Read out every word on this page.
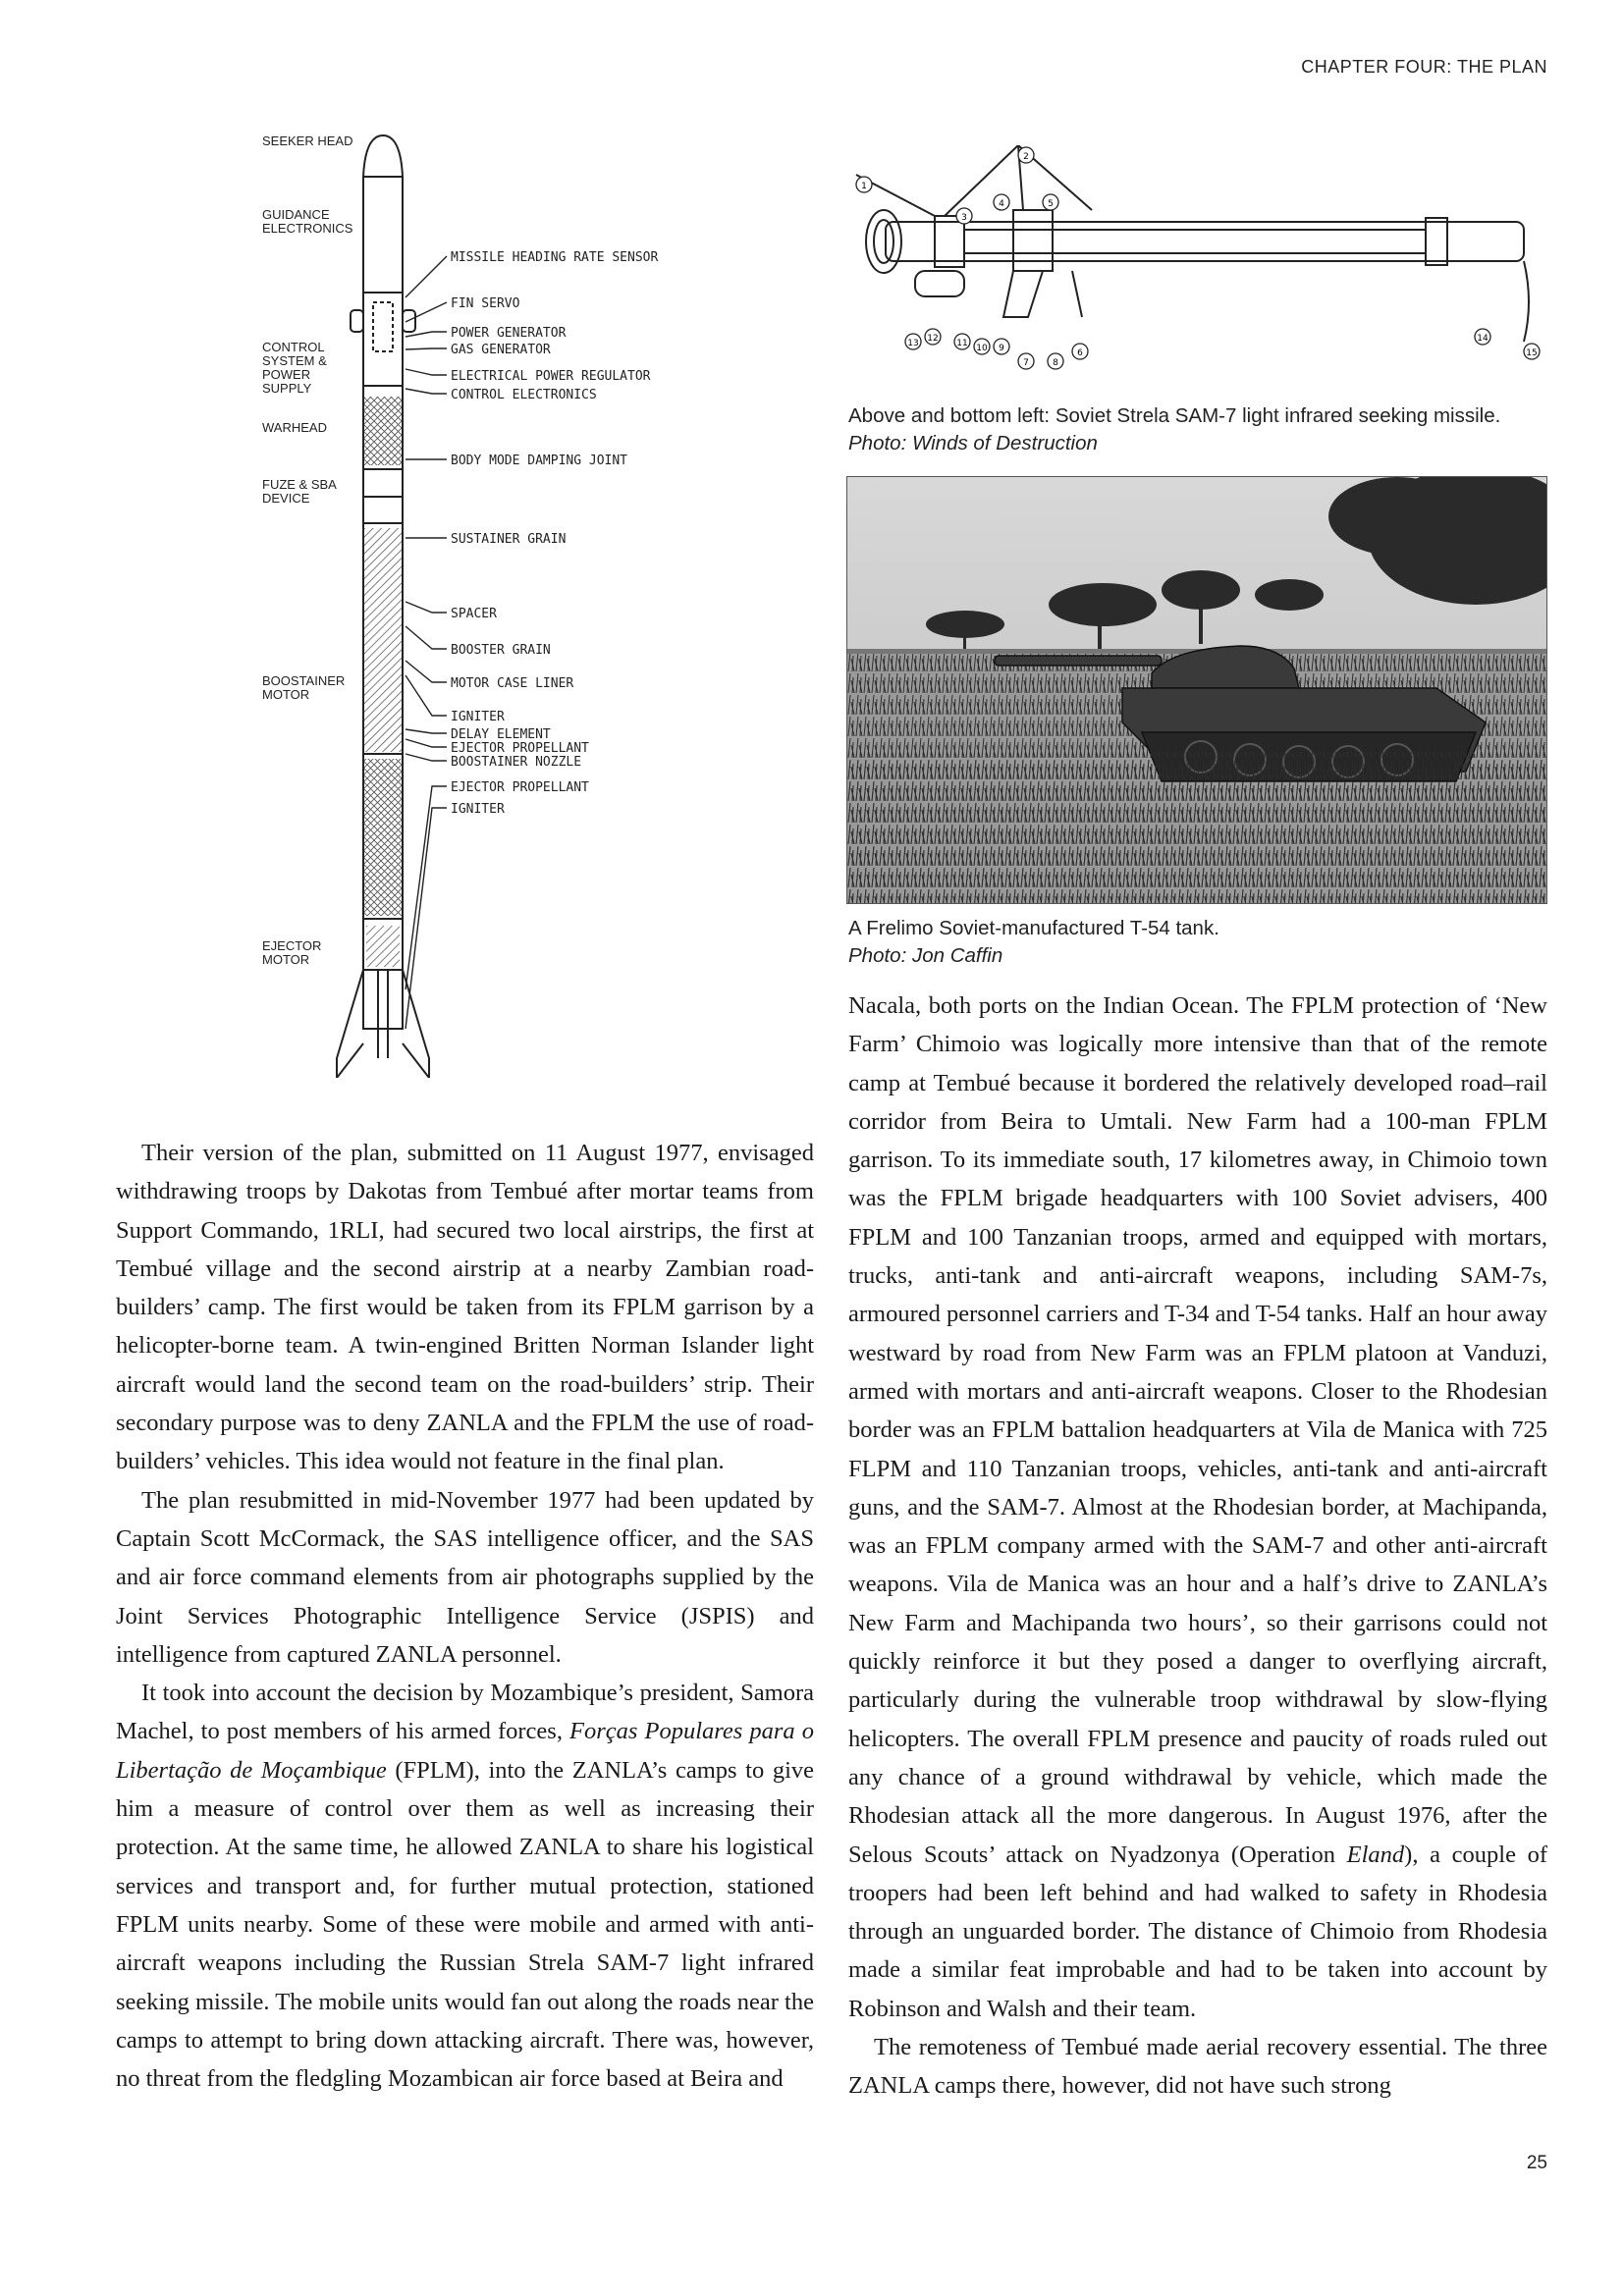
CHAPTER FOUR: THE PLAN
SEEKER HEAD
GUIDANCE
ELECTRONICS
CONTROL
SYSTEM &
POWER
SUPPLY
WARHEAD
FUZE & SBA
DEVICE
BOOSTAINER
MOTOR
EJECTOR
MOTOR
MISSILE HEADING RATE SENSOR
FIN SERVO
POWER GENERATOR
GAS GENERATOR
ELECTRICAL POWER REGULATOR
CONTROL ELECTRONICS
BODY MODE DAMPING JOINT
SUSTAINER GRAIN
SPACER
BOOSTER GRAIN
MOTOR CASE LINER
IGNITER
DELAY ELEMENT
EJECTOR PROPELLANT
BOOSTAINER NOZZLE
EJECTOR PROPELLANT
IGNITER
1
2
3
4	5
6
7	8
9
10
11
12
13	14
15
Above and bottom left: Soviet Strela SAM-7 light infrared seeking missile. Photo: Winds of Destruction
A Frelimo Soviet-manufactured T-54 tank.
Photo: Jon Caffin

Their version of the plan, submitted on 11 August 1977, envisaged withdrawing troops by Dakotas from Tembué after mortar teams from Support Commando, 1RLI, had secured two local airstrips, the first at Tembué village and the second airstrip at a nearby Zambian road-builders’ camp. The first would be taken from its FPLM garrison by a helicopter-borne team. A twin-engined Britten Norman Islander light aircraft would land the second team on the road-builders’ strip. Their secondary purpose was to deny ZANLA and the FPLM the use of road-builders’ vehicles. This idea would not feature in the final plan.

The plan resubmitted in mid-November 1977 had been updated by Captain Scott McCormack, the SAS intelligence officer, and the SAS and air force command elements from air photographs supplied by the Joint Services Photographic Intelligence Service (JSPIS) and intelligence from captured ZANLA personnel.

It took into account the decision by Mozambique’s president, Samora Machel, to post members of his armed forces, Forças Populares para o Libertação de Moçambique (FPLM), into the ZANLA’s camps to give him a measure of control over them as well as increasing their protection. At the same time, he allowed ZANLA to share his logistical services and transport and, for further mutual protection, stationed FPLM units nearby. Some of these were mobile and armed with anti-aircraft weapons including the Russian Strela SAM-7 light infrared seeking missile. The mobile units would fan out along the roads near the camps to attempt to bring down attacking aircraft. There was, however, no threat from the fledgling Mozambican air force based at Beira and

Nacala, both ports on the Indian Ocean. The FPLM protection of ‘New Farm’ Chimoio was logically more intensive than that of the remote camp at Tembué because it bordered the relatively developed road–rail corridor from Beira to Umtali. New Farm had a 100-man FPLM garrison. To its immediate south, 17 kilometres away, in Chimoio town was the FPLM brigade headquarters with 100 Soviet advisers, 400 FPLM and 100 Tanzanian troops, armed and equipped with mortars, trucks, anti-tank and anti-aircraft weapons, including SAM-7s, armoured personnel carriers and T-34 and T-54 tanks. Half an hour away westward by road from New Farm was an FPLM platoon at Vanduzi, armed with mortars and anti-aircraft weapons. Closer to the Rhodesian border was an FPLM battalion headquarters at Vila de Manica with 725 FLPM and 110 Tanzanian troops, vehicles, anti-tank and anti-aircraft guns, and the SAM-7. Almost at the Rhodesian border, at Machipanda, was an FPLM company armed with the SAM-7 and other anti-aircraft weapons. Vila de Manica was an hour and a half’s drive to ZANLA’s New Farm and Machipanda two hours’, so their garrisons could not quickly reinforce it but they posed a danger to overflying aircraft, particularly during the vulnerable troop withdrawal by slow-flying helicopters. The overall FPLM presence and paucity of roads ruled out any chance of a ground withdrawal by vehicle, which made the Rhodesian attack all the more dangerous. In August 1976, after the Selous Scouts’ attack on Nyadzonya (Operation Eland), a couple of troopers had been left behind and had walked to safety in Rhodesia through an unguarded border. The distance of Chimoio from Rhodesia made a similar feat improbable and had to be taken into account by Robinson and Walsh and their team.

The remoteness of Tembué made aerial recovery essential. The three ZANLA camps there, however, did not have such strong

25
